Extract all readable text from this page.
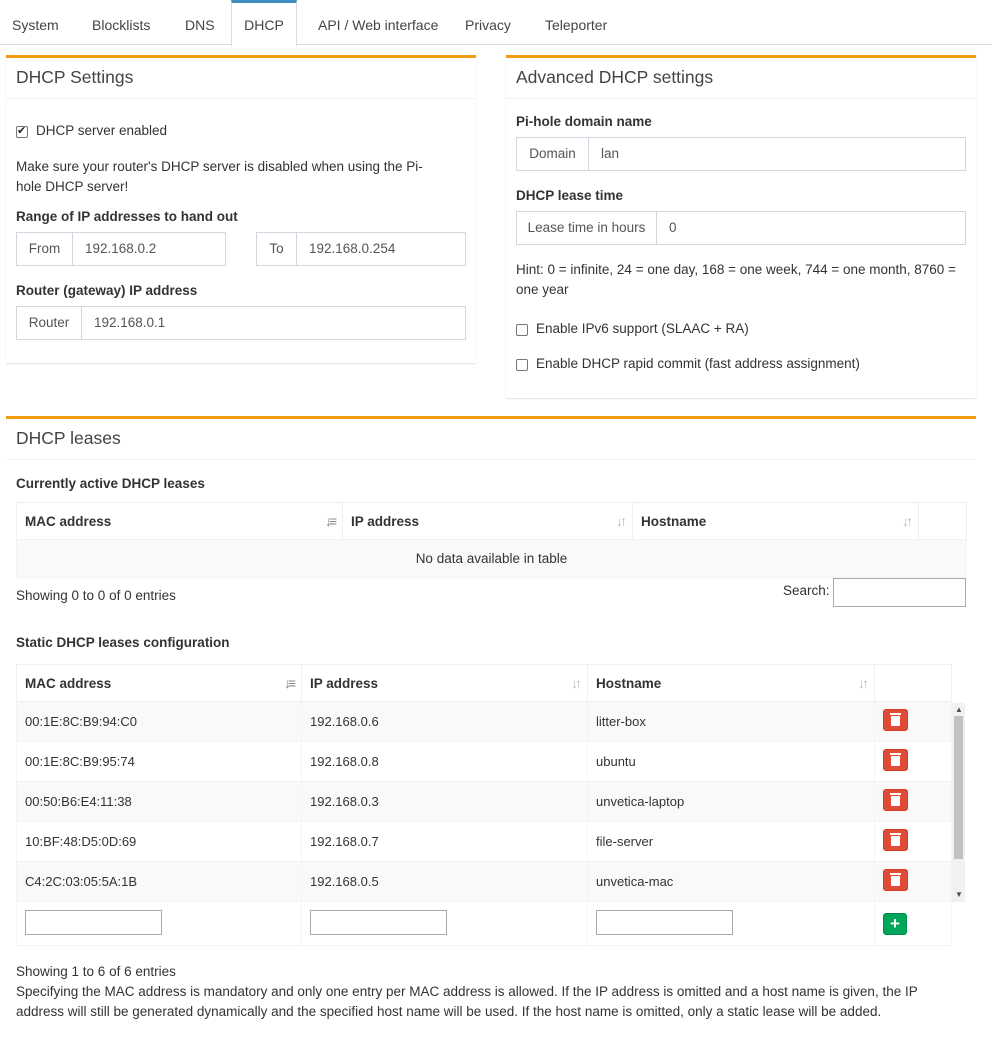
System Blocklists DNS	DHCP	API / Web interface Privacy Teleporter
DHCP Settings
✔
DHCP server enabled
Make sure your router's DHCP server is disabled when using the Pi-hole DHCP server!
Range of IP addresses to hand out
From	192.168.0.2	To	192.168.0.254
Router (gateway) IP address
Router	192.168.0.1
Advanced DHCP settings
Pi-hole domain name
Domain	lan
DHCP lease time
Lease time in hours	0
Hint: 0 = infinite, 24 = one day, 168 = one week, 744 = one month, 8760 = one year
Enable IPv6 support (SLAAC + RA)
Enable DHCP rapid commit (fast address assignment)
DHCP leases
Currently active DHCP leases
MAC address	↓≡	IP address	↓↑	Hostname	↓↑

No data available in table
Showing 0 to 0 of 0 entries	Search:
Static DHCP leases configuration
MAC address ↓≡	IP address ↓↑	Hostname ↓↑	

00:1E:8C:B9:94:C0	192.168.0.6	litter-box	
00:1E:8C:B9:95:74	192.168.0.8	ubuntu	
00:50:B6:E4:11:38	192.168.0.3	unvetica-laptop	
10:BF:48:D5:0D:69	192.168.0.7	file-server	
C4:2C:03:05:5A:1B	192.168.0.5	unvetica-mac	
			+
▲
▼
Showing 1 to 6 of 6 entries
Specifying the MAC address is mandatory and only one entry per MAC address is allowed. If the IP address is omitted and a host name is given, the IP address will still be generated dynamically and the specified host name will be used. If the host name is omitted, only a static lease will be added.
